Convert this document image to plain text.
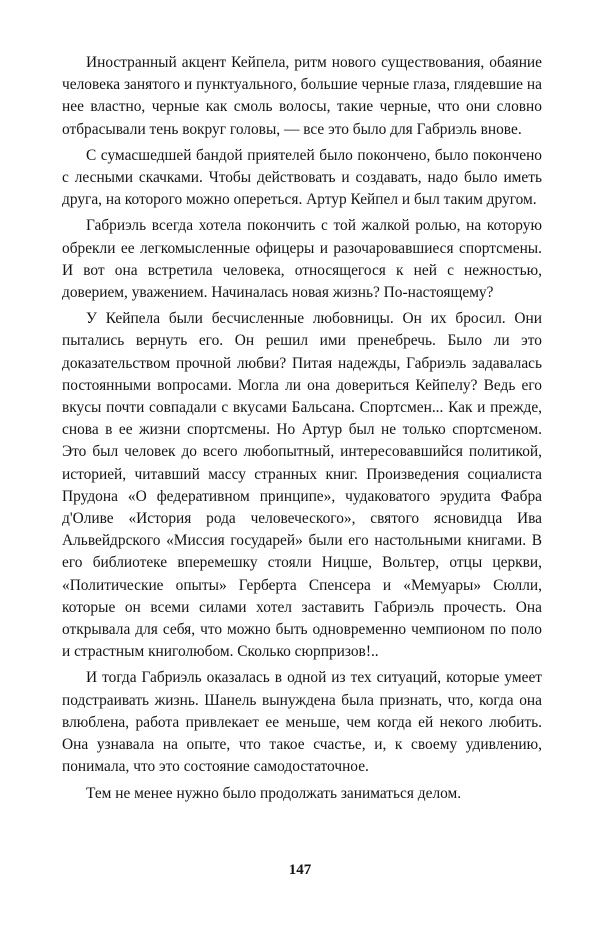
Иностранный акцент Кейпела, ритм нового существования, обаяние человека занятого и пунктуального, большие черные глаза, глядевшие на нее властно, черные как смоль волосы, такие черные, что они словно отбрасывали тень вокруг головы, — все это было для Габриэль вновe.

С сумасшедшей бандой приятелей было покончено, было покончено с лесными скачками. Чтобы действовать и создавать, надо было иметь друга, на которого можно опереться. Артур Кейпел и был таким другом.

Габриэль всегда хотела покончить с той жалкой ролью, на которую обрекли ее легкомысленные офицеры и разочаровавшиеся спортсмены. И вот она встретила человека, относящегося к ней с нежностью, доверием, уважением. Начиналась новая жизнь? По-настоящему?

У Кейпела были бесчисленные любовницы. Он их бросил. Они пытались вернуть его. Он решил ими пренебречь. Было ли это доказательством прочной любви? Питая надежды, Габриэль задавалась постоянными вопросами. Могла ли она довериться Кейпелу? Ведь его вкусы почти совпадали с вкусами Бальсана. Спортсмен... Как и прежде, снова в ее жизни спортсмены. Но Артур был не только спортсменом. Это был человек до всего любопытный, интересовавшийся политикой, историей, читавший массу странных книг. Произведения социалиста Прудона «О федеративном принципе», чудаковатого эрудита Фабра д'Оливе «История рода человеческого», святого ясновидца Ива Альвейдрского «Миссия государей» были его настольными книгами. В его библиотеке вперемешку стояли Ницше, Вольтер, отцы церкви, «Политические опыты» Герберта Спенсера и «Мемуары» Сюлли, которые он всеми силами хотел заставить Габриэль прочесть. Она открывала для себя, что можно быть одновременно чемпионом по поло и страстным книголюбом. Сколько сюрпризов!..

И тогда Габриэль оказалась в одной из тех ситуаций, которые умеет подстраивать жизнь. Шанель вынуждена была признать, что, когда она влюблена, работа привлекает ее меньше, чем когда ей некого любить. Она узнавала на опыте, что такое счастье, и, к своему удивлению, понимала, что это состояние самодостаточное.

Тем не менее нужно было продолжать заниматься делом.

147
